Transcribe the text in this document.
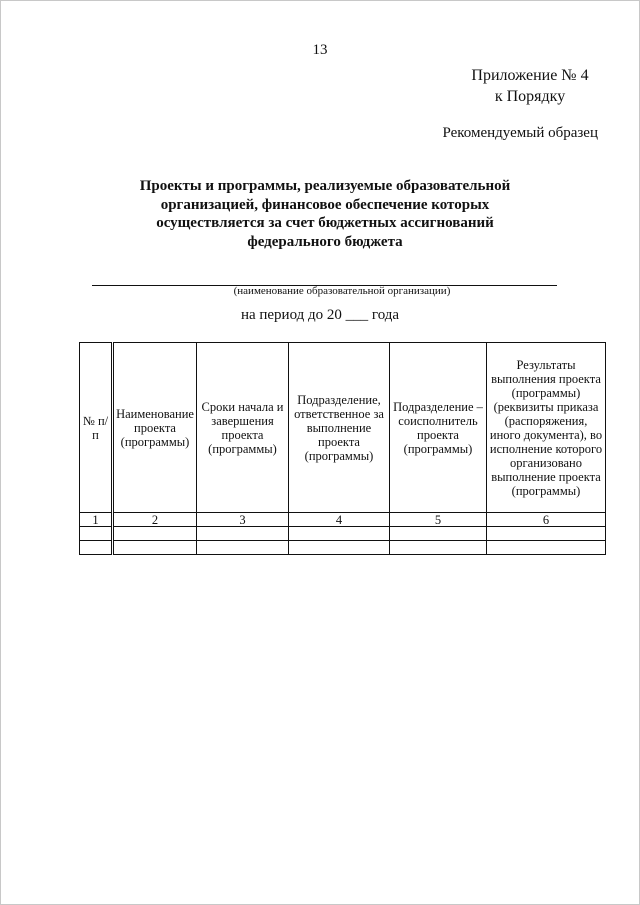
13
Приложение № 4
к Порядку
Рекомендуемый образец
Проекты и программы, реализуемые образовательной организацией, финансовое обеспечение которых осуществляется за счет бюджетных ассигнований федерального бюджета
(наименование образовательной организации)
на период до 20 ___ года
№ п/п	Наименование проекта (программы)	Сроки начала и завершения проекта (программы)	Подразделение, ответственное за выполнение проекта (программы)	Подразделение – соисполнитель проекта (программы)	Результаты выполнения проекта (программы) (реквизиты приказа (распоряжения, иного документа), во исполнение которого организовано выполнение проекта (программы)
1	2	3	4	5	6
